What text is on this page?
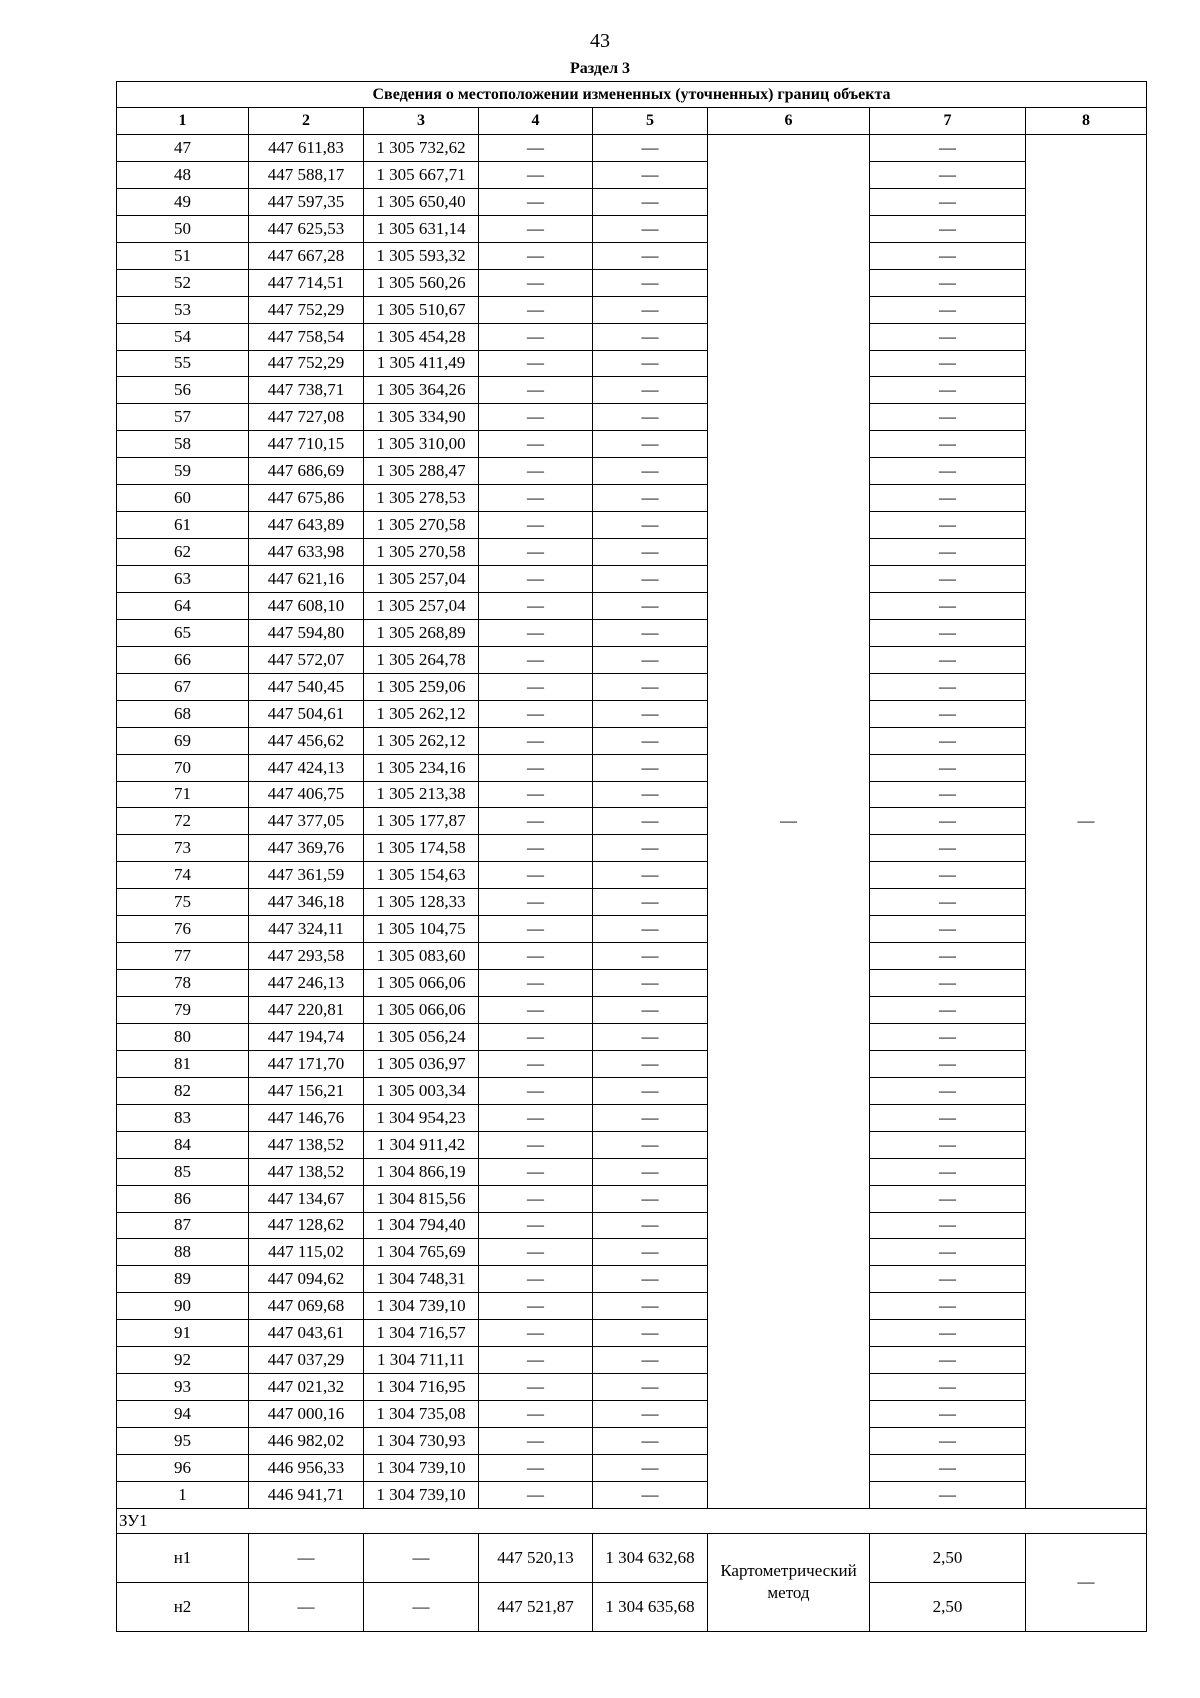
43
Раздел 3
Сведения о местоположении измененных (уточненных) границ объекта							
1	2	3	4	5	6	7	8
47	447 611,83	1 305 732,62	—	—	—	—	—
48	447 588,17	1 305 667,71	—	—		—	
49	447 597,35	1 305 650,40	—	—		—	
50	447 625,53	1 305 631,14	—	—		—	
51	447 667,28	1 305 593,32	—	—		—	
52	447 714,51	1 305 560,26	—	—		—	
53	447 752,29	1 305 510,67	—	—		—	
54	447 758,54	1 305 454,28	—	—		—	
55	447 752,29	1 305 411,49	—	—		—	
56	447 738,71	1 305 364,26	—	—		—	
57	447 727,08	1 305 334,90	—	—		—	
58	447 710,15	1 305 310,00	—	—		—	
59	447 686,69	1 305 288,47	—	—		—	
60	447 675,86	1 305 278,53	—	—		—	
61	447 643,89	1 305 270,58	—	—		—	
62	447 633,98	1 305 270,58	—	—		—	
63	447 621,16	1 305 257,04	—	—		—	
64	447 608,10	1 305 257,04	—	—		—	
65	447 594,80	1 305 268,89	—	—		—	
66	447 572,07	1 305 264,78	—	—		—	
67	447 540,45	1 305 259,06	—	—		—	
68	447 504,61	1 305 262,12	—	—		—	
69	447 456,62	1 305 262,12	—	—		—	
70	447 424,13	1 305 234,16	—	—		—	
71	447 406,75	1 305 213,38	—	—		—	
72	447 377,05	1 305 177,87	—	—		—	
73	447 369,76	1 305 174,58	—	—		—	
74	447 361,59	1 305 154,63	—	—		—	
75	447 346,18	1 305 128,33	—	—		—	
76	447 324,11	1 305 104,75	—	—		—	
77	447 293,58	1 305 083,60	—	—		—	
78	447 246,13	1 305 066,06	—	—		—	
79	447 220,81	1 305 066,06	—	—		—	
80	447 194,74	1 305 056,24	—	—		—	
81	447 171,70	1 305 036,97	—	—		—	
82	447 156,21	1 305 003,34	—	—		—	
83	447 146,76	1 304 954,23	—	—		—	
84	447 138,52	1 304 911,42	—	—		—	
85	447 138,52	1 304 866,19	—	—		—	
86	447 134,67	1 304 815,56	—	—		—	
87	447 128,62	1 304 794,40	—	—		—	
88	447 115,02	1 304 765,69	—	—		—	
89	447 094,62	1 304 748,31	—	—		—	
90	447 069,68	1 304 739,10	—	—		—	
91	447 043,61	1 304 716,57	—	—		—	
92	447 037,29	1 304 711,11	—	—		—	
93	447 021,32	1 304 716,95	—	—		—	
94	447 000,16	1 304 735,08	—	—		—	
95	446 982,02	1 304 730,93	—	—		—	
96	446 956,33	1 304 739,10	—	—		—	
1	446 941,71	1 304 739,10	—	—		—	
ЗУ1							
н1	—	—	447 520,13	1 304 632,68	Картометрический метод	2,50	—
н2	—	—	447 521,87	1 304 635,68		2,50	
